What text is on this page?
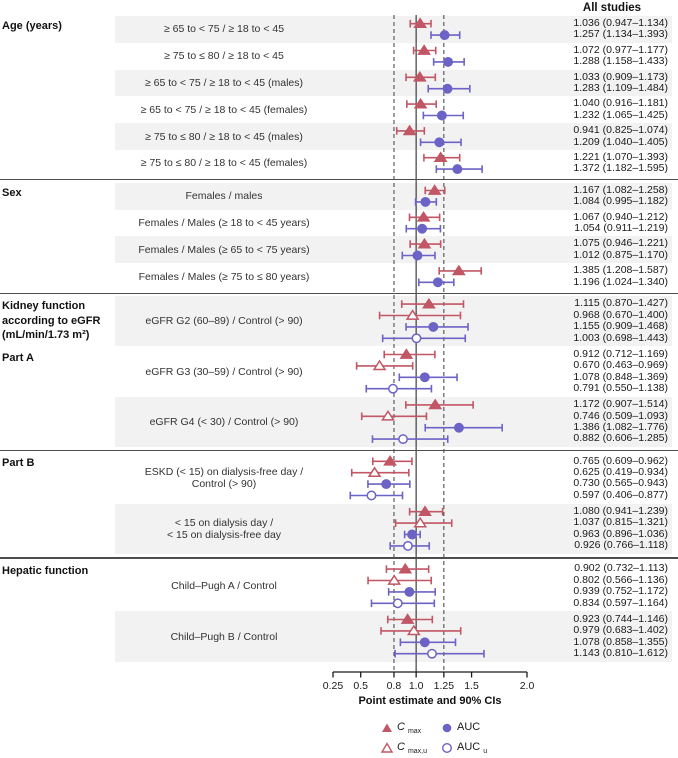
0.25 0.5 0.8 1.0 1.25 1.5	2.0
All studies
Point estimate and 90% CIs
C max	AUC
C max,u	AUC u
Age (years)	≥ 65 to < 75 / ≥ 18 to < 45
1.036 (0.947–1.134)
1.257 (1.134–1.393)
≥ 75 to ≤ 80 / ≥ 18 to < 45
1.072 (0.977–1.177)
1.288 (1.158–1.433)
≥ 65 to < 75 / ≥ 18 to < 45 (males)
1.033 (0.909–1.173)
1.283 (1.109–1.484)
≥ 65 to < 75 / ≥ 18 to < 45 (females)
1.040 (0.916–1.181)
1.232 (1.065–1.425)
≥ 75 to ≤ 80 / ≥ 18 to < 45 (males)
0.941 (0.825–1.074)
1.209 (1.040–1.405)
≥ 75 to ≤ 80 / ≥ 18 to < 45 (females)
1.221 (1.070–1.393)
1.372 (1.182–1.595)
Sex	Females / males
1.167 (1.082–1.258)
1.084 (0.995–1.182)
Females / Males (≥ 18 to < 45 years)
1.067 (0.940–1.212)
1.054 (0.911–1.219)
Females / Males (≥ 65 to < 75 years)
1.075 (0.946–1.221)
1.012 (0.875–1.170)
Females / Males (≥ 75 to ≤ 80 years)
1.385 (1.208–1.587)
1.196 (1.024–1.340)
Kidney function
according to eGFR
(mL/min/1.73 m²)
eGFR G2 (60–89) / Control (> 90)
1.115 (0.870–1.427)
0.968 (0.670–1.400)
1.155 (0.909–1.468)
1.003 (0.698–1.443)
Part A
eGFR G3 (30–59) / Control (> 90)
0.912 (0.712–1.169)
0.670 (0.463–0.969)
1.078 (0.848–1.369)
0.791 (0.550–1.138)
eGFR G4 (< 30) / Control (> 90)
1.172 (0.907–1.514)
0.746 (0.509–1.093)
1.386 (1.082–1.776)
0.882 (0.606–1.285)
Part B
ESKD (< 15) on dialysis-free day /
Control (> 90)
0.765 (0.609–0.962)
0.625 (0.419–0.934)
0.730 (0.565–0.943)
0.597 (0.406–0.877)
< 15 on dialysis day /
< 15 on dialysis-free day
1.080 (0.941–1.239)
1.037 (0.815–1.321)
0.963 (0.896–1.036)
0.926 (0.766–1.118)
Hepatic function
Child–Pugh A / Control
0.902 (0.732–1.113)
0.802 (0.566–1.136)
0.939 (0.752–1.172)
0.834 (0.597–1.164)
Child–Pugh B / Control
0.923 (0.744–1.146)
0.979 (0.683–1.402)
1.078 (0.858–1.355)
1.143 (0.810–1.612)
